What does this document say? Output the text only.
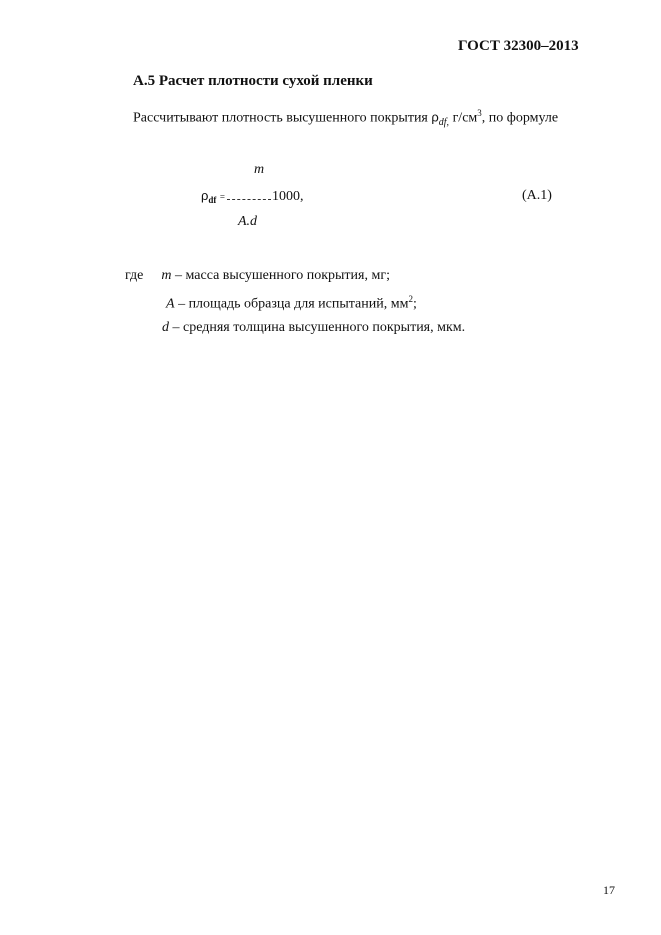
ГОСТ 32300–2013
А.5 Расчет плотности сухой пленки
Рассчитывают плотность высушенного покрытия $\rho_{df,}$ $г/см^3$, по формуле
m
$\rho_{df}$ =	1000,	(А.1)
A.d
где m – масса высушенного покрытия, мг;
A – площадь образца для испытаний, $мм^2$;
d – средняя толщина высушенного покрытия, мкм.
17
